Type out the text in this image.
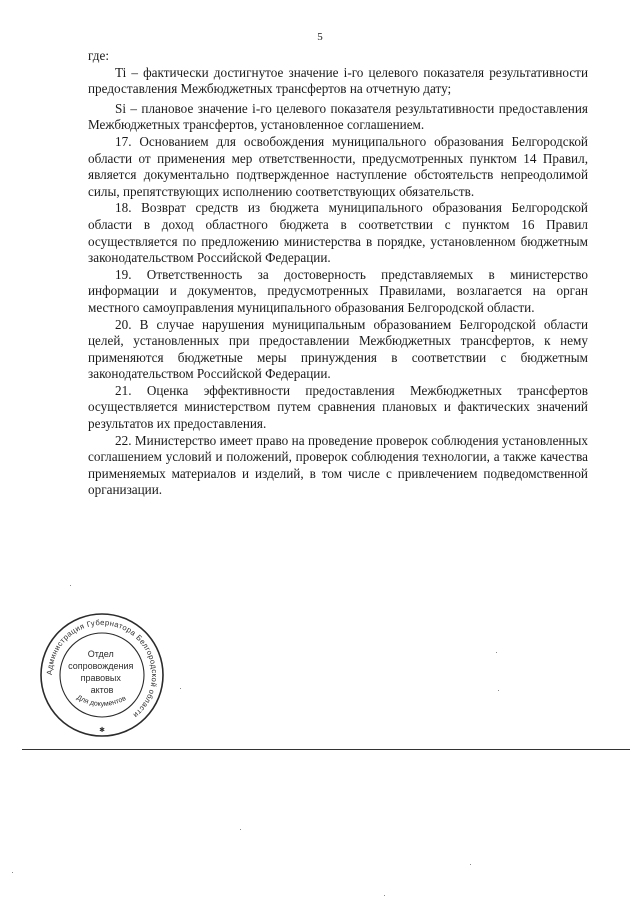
5

где:

Ti – фактически достигнутое значение i-го целевого показателя результативности предоставления Межбюджетных трансфертов на отчетную дату;

Si – плановое значение i-го целевого показателя результативности предоставления Межбюджетных трансфертов, установленное соглашением.

17. Основанием для освобождения муниципального образования Белгородской области от применения мер ответственности, предусмотренных пунктом 14 Правил, является документально подтвержденное наступление обстоятельств непреодолимой силы, препятствующих исполнению соответствующих обязательств.

18. Возврат средств из бюджета муниципального образования Белгородской области в доход областного бюджета в соответствии с пунктом 16 Правил осуществляется по предложению министерства в порядке, установленном бюджетным законодательством Российской Федерации.

19. Ответственность за достоверность представляемых в министерство информации и документов, предусмотренных Правилами, возлагается на орган местного самоуправления муниципального образования Белгородской области.

20. В случае нарушения муниципальным образованием Белгородской области целей, установленных при предоставлении Межбюджетных трансфертов, к нему применяются бюджетные меры принуждения в соответствии с бюджетным законодательством Российской Федерации.

21. Оценка эффективности предоставления Межбюджетных трансфертов осуществляется министерством путем сравнения плановых и фактических значений результатов их предоставления.

22. Министерство имеет право на проведение проверок соблюдения установленных соглашением условий и положений, проверок соблюдения технологии, а также качества применяемых материалов и изделий, в том числе с привлечением подведомственной организации.

Администрация Губернатора Белгородской области
Отдел сопровождения правовых актов
Для документов
✱
